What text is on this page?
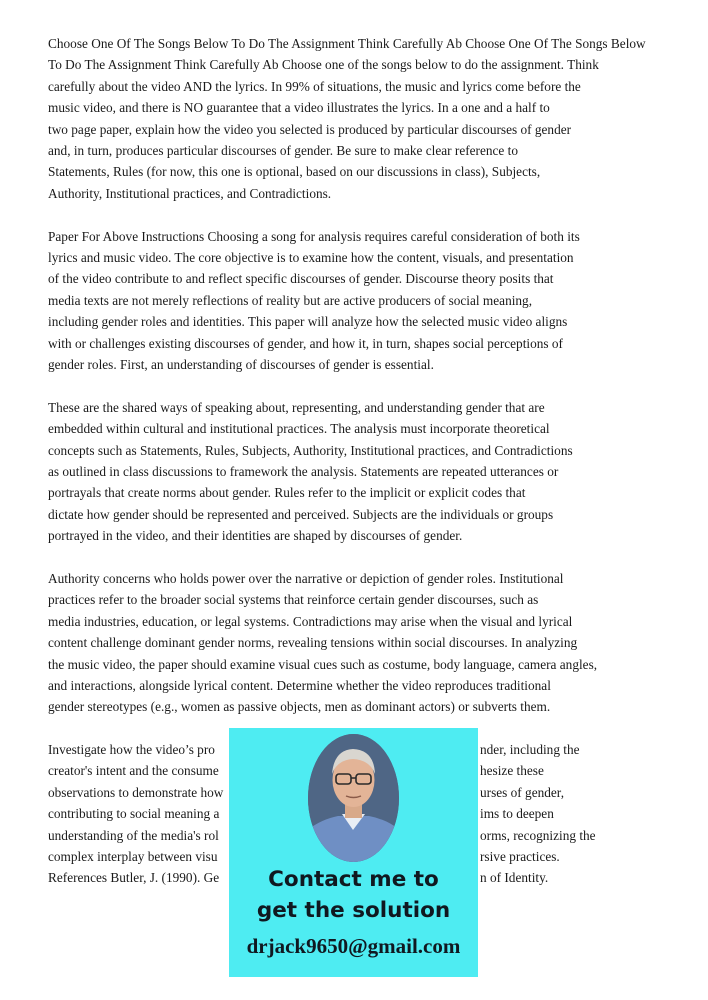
Choose One Of The Songs Below To Do The Assignment Think Carefully Ab Choose One Of The Songs Below
To Do The Assignment Think Carefully Ab Choose one of the songs below to do the assignment. Think
carefully about the video AND the lyrics. In 99% of situations, the music and lyrics come before the
music video, and there is NO guarantee that a video illustrates the lyrics. In a one and a half to
two page paper, explain how the video you selected is produced by particular discourses of gender
and, in turn, produces particular discourses of gender. Be sure to make clear reference to
Statements, Rules (for now, this one is optional, based on our discussions in class), Subjects,
Authority, Institutional practices, and Contradictions.
Paper For Above Instructions Choosing a song for analysis requires careful consideration of both its
lyrics and music video. The core objective is to examine how the content, visuals, and presentation
of the video contribute to and reflect specific discourses of gender. Discourse theory posits that
media texts are not merely reflections of reality but are active producers of social meaning,
including gender roles and identities. This paper will analyze how the selected music video aligns
with or challenges existing discourses of gender, and how it, in turn, shapes social perceptions of
gender roles. First, an understanding of discourses of gender is essential.
These are the shared ways of speaking about, representing, and understanding gender that are
embedded within cultural and institutional practices. The analysis must incorporate theoretical
concepts such as Statements, Rules, Subjects, Authority, Institutional practices, and Contradictions
as outlined in class discussions to framework the analysis. Statements are repeated utterances or
portrayals that create norms about gender. Rules refer to the implicit or explicit codes that
dictate how gender should be represented and perceived. Subjects are the individuals or groups
portrayed in the video, and their identities are shaped by discourses of gender.
Authority concerns who holds power over the narrative or depiction of gender roles. Institutional
practices refer to the broader social systems that reinforce certain gender discourses, such as
media industries, education, or legal systems. Contradictions may arise when the visual and lyrical
content challenge dominant gender norms, revealing tensions within social discourses. In analyzing
the music video, the paper should examine visual cues such as costume, body language, camera angles,
and interactions, alongside lyrical content. Determine whether the video reproduces traditional
gender stereotypes (e.g., women as passive objects, men as dominant actors) or subverts them.
Investigate how the video’s pro	nder, including the
creator's intent and the consume	hesize these
observations to demonstrate how	urses of gender,
contributing to social meaning a	ims to deepen
understanding of the media's rol	orms, recognizing the
complex interplay between visu	rsive practices.
References Butler, J. (1990). Ge	n of Identity.
Contact me to
get the solution
drjack9650@gmail.com
